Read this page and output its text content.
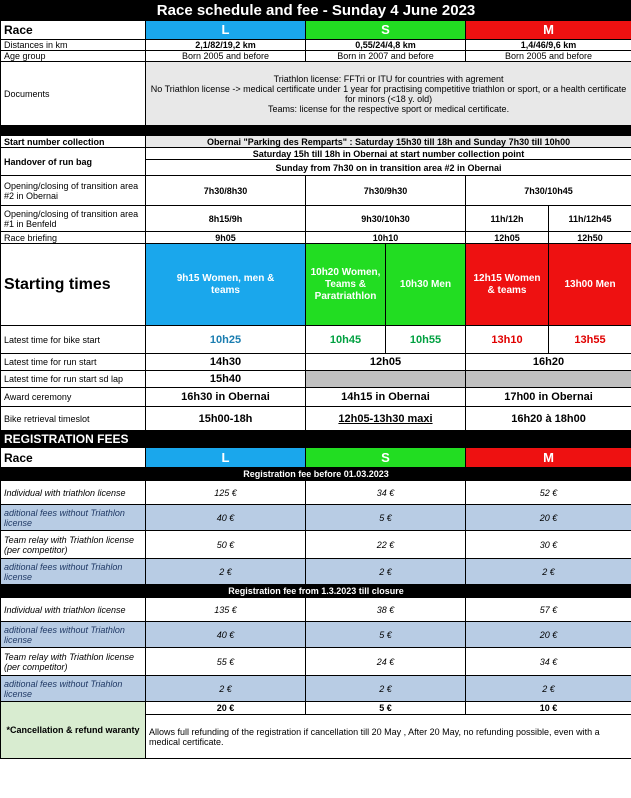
Race schedule and fee - Sunday 4 June 2023					
Race	L	S		M	
Distances in km	2,1/82/19,2 km	0,55/24/4,8 km		1,4/46/9,6 km	
Age group	Born 2005 and before	Born in 2007 and before		Born 2005 and before	
Documents	Triathlon license: FFTri or ITU for countries with agrement
No Triathlon license -> medical certificate under 1 year for practising competitive triathlon or sport, or a health certificate for minors (<18 y. old)
Teams: license for the respective sport or medical certificate.				

Start number collection	Obernai "Parking des Remparts" : Saturday 15h30 till 18h and Sunday 7h30 till 10h00				
Handover of run bag	Saturday 15h till 18h in Obernai at start number collection point				
	Sunday from 7h30 on in transition area #2 in Obernai				
Opening/closing of transition area #2 in Obernai	7h30/8h30	7h30/9h30		7h30/10h45	
Opening/closing of transition area #1 in Benfeld	8h15/9h	9h30/10h30		11h/12h	11h/12h45
Race briefing	9h05	10h10		12h05	12h50
Starting times	9h15 Women, men & teams	10h20 Women, Teams & Paratriathlon	10h30 Men	12h15 Women & teams	13h00 Men
Latest time for bike start	10h25	10h45	10h55	13h10	13h55
Latest time for run start	14h30	12h05		16h20	
Latest time for run start sd lap	15h40				
Award ceremony	16h30 in Obernai	14h15 in Obernai		17h00 in Obernai	
Bike retrieval timeslot	15h00-18h	12h05-13h30 maxi		16h20 à 18h00	
REGISTRATION FEES					
Race	L	S		M	
Registration fee before 01.03.2023					
Individual with triathlon license	125 €	34 €		52 €	
aditional fees without Triathlon license	40 €	5 €		20 €	
Team relay with Triathlon license (per competitor)	50 €	22 €		30 €	
aditional fees without Triahlon license	2 €	2 €		2 €	
Registration fee from 1.3.2023 till closure					
Individual with triathlon license	135 €	38 €		57 €	
aditional fees without Triathlon license	40 €	5 €		20 €	
Team relay with Triathlon license (per competitor)	55 €	24 €		34 €	
aditional fees without Triahlon license	2 €	2 €		2 €	
*Cancellation & refund waranty	20 €	5 €		10 €	
	Allows full refunding of the registration if cancellation till 20 May , After 20 May, no refunding possible, even with a medical certificate.				
